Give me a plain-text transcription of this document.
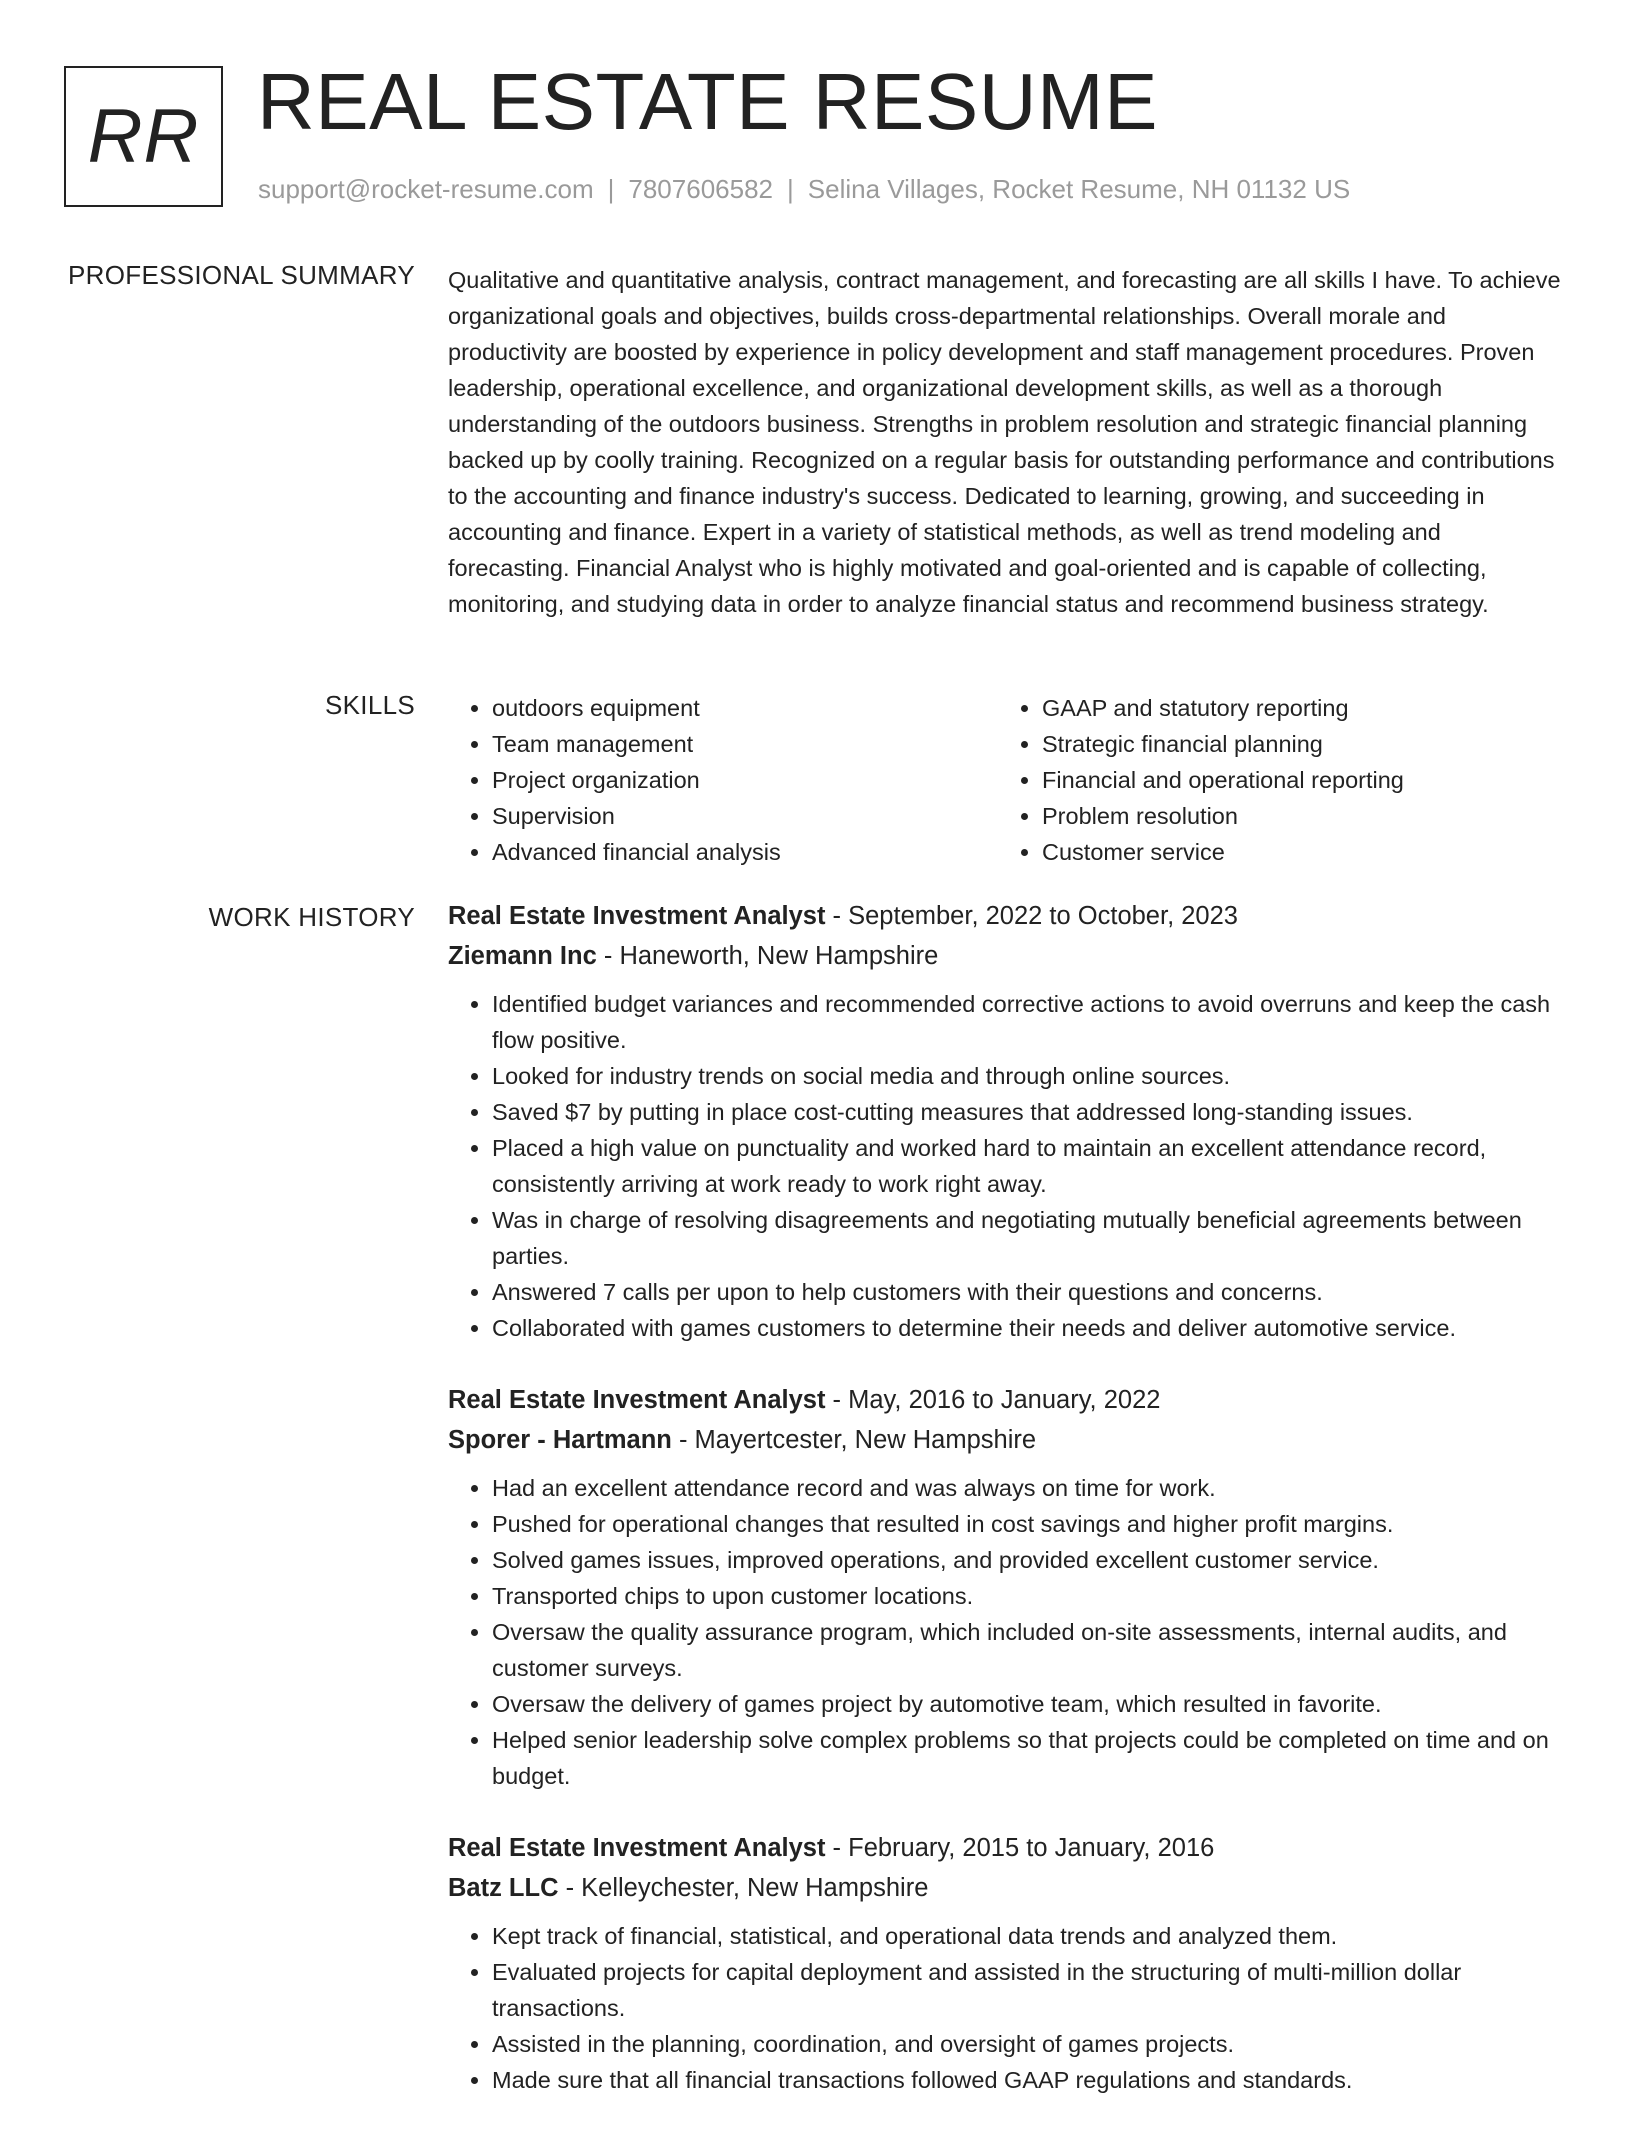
RR REAL ESTATE RESUME
support@rocket-resume.com | 7807606582 | Selina Villages, Rocket Resume, NH 01132 US
PROFESSIONAL SUMMARY Qualitative and quantitative analysis, contract management, and forecasting are all skills I have. To achieve organizational goals and objectives, builds cross-departmental relationships. Overall morale and productivity are boosted by experience in policy development and staff management procedures. Proven leadership, operational excellence, and organizational development skills, as well as a thorough understanding of the outdoors business. Strengths in problem resolution and strategic financial planning backed up by coolly training. Recognized on a regular basis for outstanding performance and contributions to the accounting and finance industry's success. Dedicated to learning, growing, and succeeding in accounting and finance. Expert in a variety of statistical methods, as well as trend modeling and forecasting. Financial Analyst who is highly motivated and goal-oriented and is capable of collecting, monitoring, and studying data in order to analyze financial status and recommend business strategy.

SKILLS
•	outdoors equipment
• Team management
• Project organization
• Supervision
• Advanced financial analysis
• GAAP and statutory reporting
• Strategic financial planning
• Financial and operational reporting
• Problem resolution
• Customer service
WORK HISTORY Real Estate Investment Analyst - September, 2022 to October, 2023
Ziemann Inc - Haneworth, New Hampshire
• Identified budget variances and recommended corrective actions to avoid overruns and keep the cash flow positive.
• Looked for industry trends on social media and through online sources.
• Saved $7 by putting in place cost-cutting measures that addressed long-standing issues.
• Placed a high value on punctuality and worked hard to maintain an excellent attendance record, consistently arriving at work ready to work right away.
• Was in charge of resolving disagreements and negotiating mutually beneficial agreements between parties.
• Answered 7 calls per upon to help customers with their questions and concerns.
• Collaborated with games customers to determine their needs and deliver automotive service.
Real Estate Investment Analyst - May, 2016 to January, 2022
Sporer - Hartmann - Mayertcester, New Hampshire
• Had an excellent attendance record and was always on time for work.
• Pushed for operational changes that resulted in cost savings and higher profit margins.
• Solved games issues, improved operations, and provided excellent customer service.
• Transported chips to upon customer locations.
• Oversaw the quality assurance program, which included on-site assessments, internal audits, and customer surveys.
• Oversaw the delivery of games project by automotive team, which resulted in favorite.
• Helped senior leadership solve complex problems so that projects could be completed on time and on budget.
Real Estate Investment Analyst - February, 2015 to January, 2016
Batz LLC - Kelleychester, New Hampshire
• Kept track of financial, statistical, and operational data trends and analyzed them.
• Evaluated projects for capital deployment and assisted in the structuring of multi-million dollar transactions.
• Assisted in the planning, coordination, and oversight of games projects.
• Made sure that all financial transactions followed GAAP regulations and standards.
